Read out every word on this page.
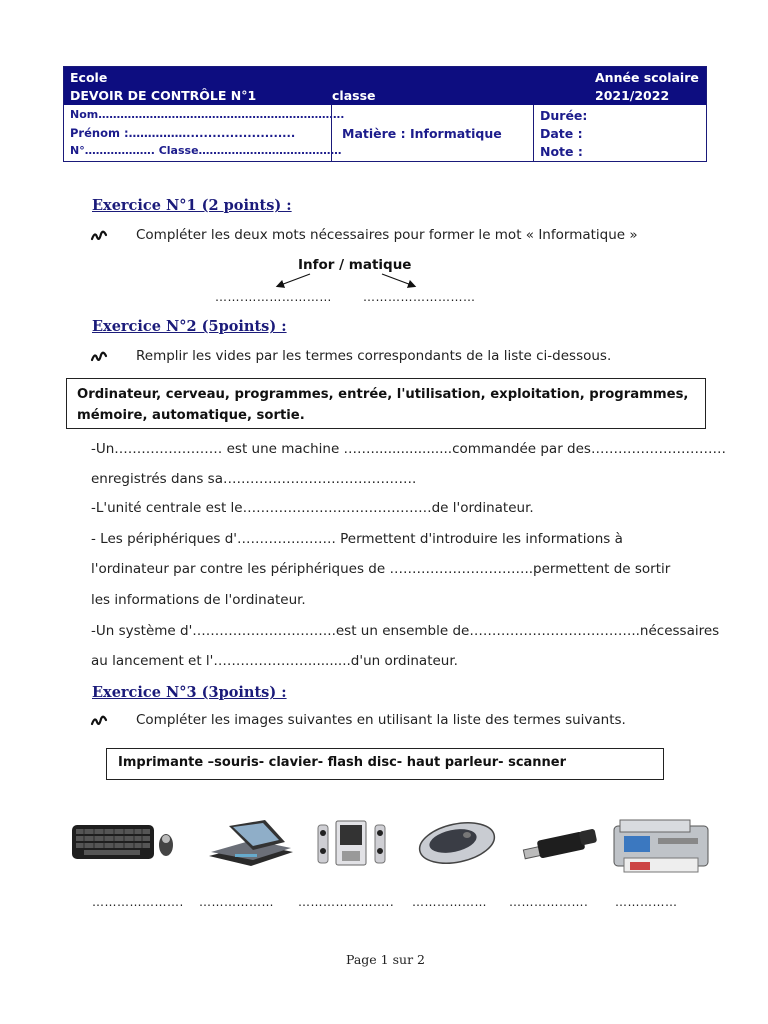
Ecole
DEVOIR DE CONTRÔLE N°1	classe
Année scolaire
2021/2022
Nom………………………………………………………….
Prénom :…………….........................
N°………………. Classe…………………………………
Matière : Informatique
Durée:
Date :
Note :
Exercice N°1 (2 points) :
Compléter les deux mots nécessaires pour former le mot « Informatique »
Infor / matique
…….…………………	………………………
Exercice N°2 (5points) :
Remplir les vides par les termes correspondants de la liste ci-dessous.
Ordinateur, cerveau, programmes, entrée, l'utilisation, exploitation, programmes,
mémoire, automatique, sortie.
-Un…………………… est une machine ……...................commandée par des…………………………
enregistrés dans sa…………………………………….
-L'unité centrale est le……………………………………de l'ordinateur.
- Les périphériques d'…………………. Permettent d'introduire les informations à
l'ordinateur par contre les périphériques de …………………………..permettent de sortir
les informations de l'ordinateur.
-Un système d'…………………………..est un ensemble de………………………………..nécessaires
au lancement et l'…………………..........d'un ordinateur.
Exercice N°3 (3points) :
Compléter les images suivantes en utilisant la liste des termes suivants.
Imprimante –souris- clavier- flash disc- haut parleur- scanner
…………………. ……………… ………………….. ……………… ………………. ……………
Page 1 sur 2
